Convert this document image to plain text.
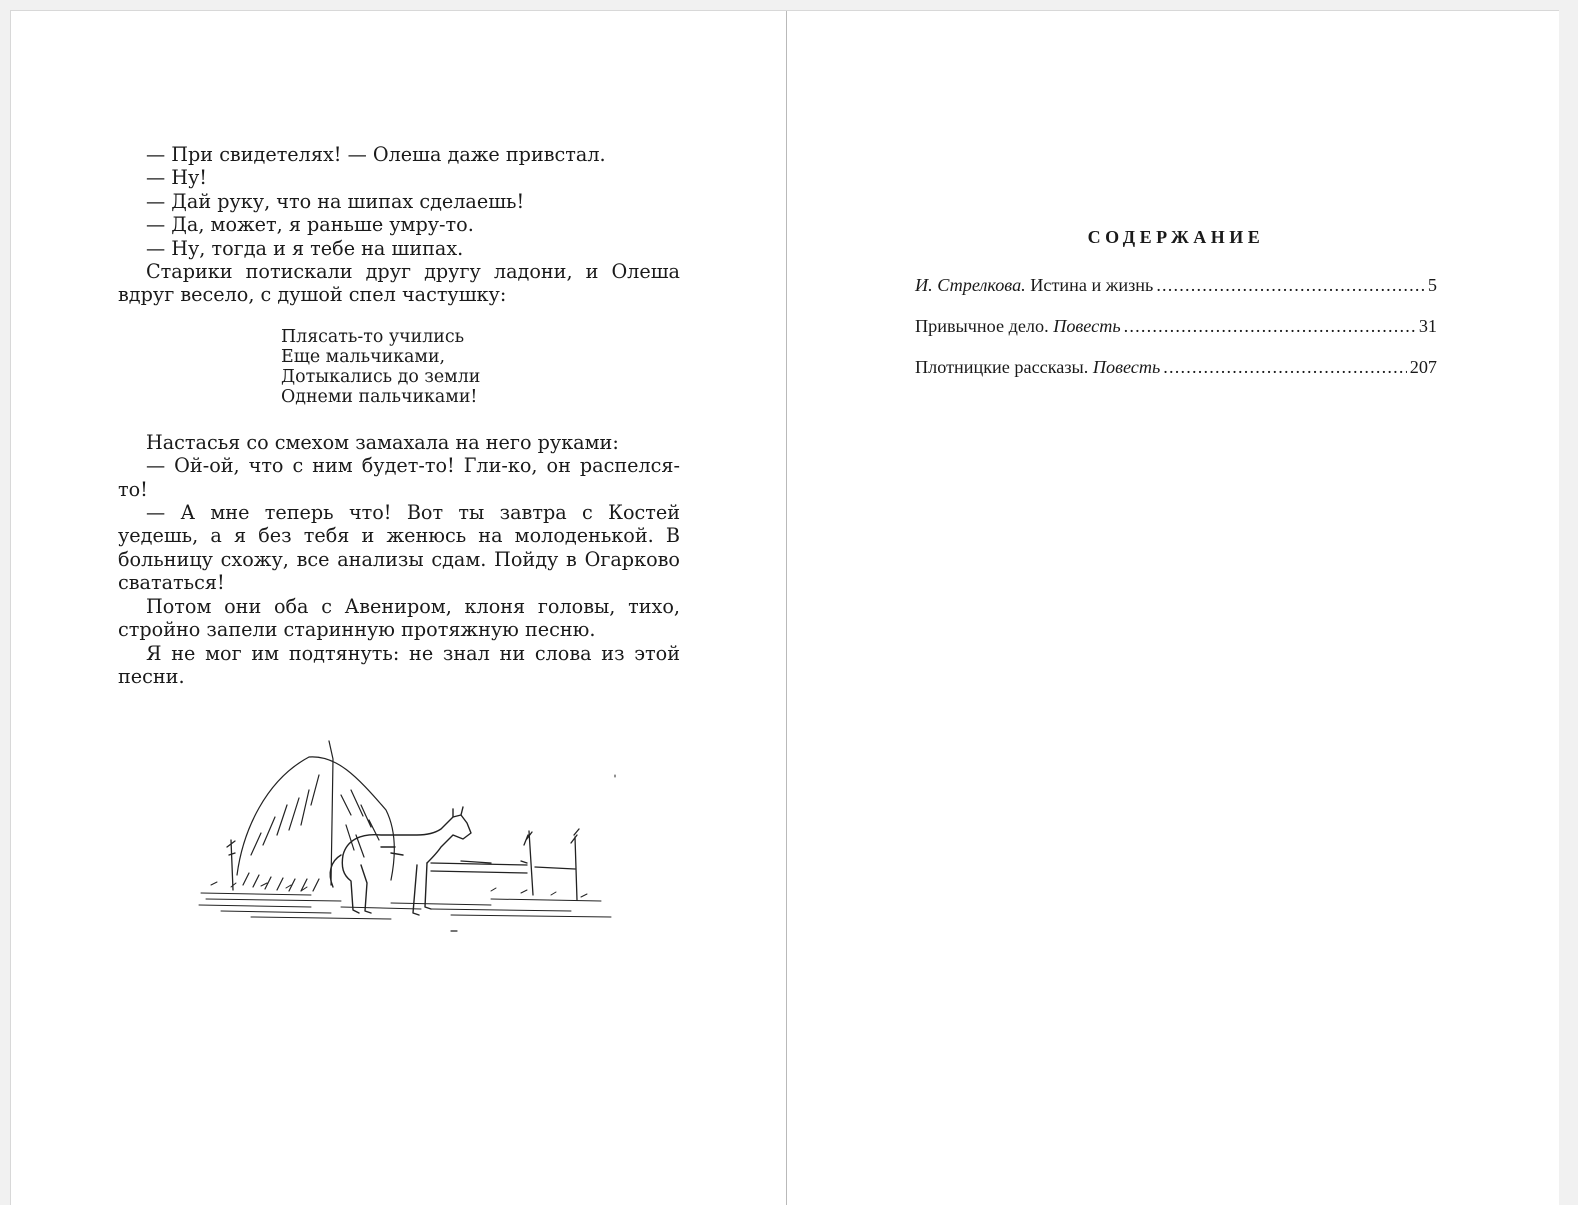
— При свидетелях! — Олеша даже привстал.

— Ну!

— Дай руку, что на шипах сделаешь!

— Да, может, я раньше умру-то.

— Ну, тогда и я тебе на шипах.

Старики потискали друг другу ладони, и Олеша вдруг весело, с душой спел частушку:

Плясать-то учились
Еще мальчиками,
Дотыкались до земли
Однеми пальчиками!

Настасья со смехом замахала на него руками:

— Ой-ой, что с ним будет-то! Гли-ко, он распелся-то!

— А мне теперь что! Вот ты завтра с Костей уедешь, а я без тебя и женюсь на молоденькой. В больницу схожу, все анализы сдам. Пойду в Огарково свататься!

Потом они оба с Авениром, клоня головы, тихо, стройно запели старинную протяжную песню.

Я не мог им подтянуть: не знал ни слова из этой песни.

СОДЕРЖАНИЕ
И. Стрелкова. Истина и жизнь .....	5
Привычное дело. Повесть .....	31
Плотницкие рассказы. Повесть .....	207
